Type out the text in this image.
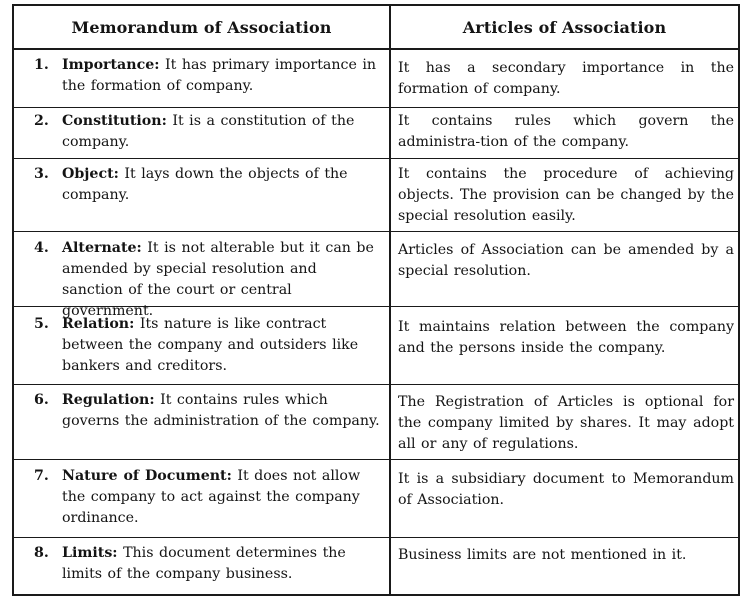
Memorandum of Association	Articles of Association
1. Importance: It has primary importance in the formation of company.
It has a secondary importance in the formation of company.
2. Constitution: It is a constitution of the company.
It contains rules which govern the administra-tion of the company.
3. Object: It lays down the objects of the company.
It contains the procedure of achieving objects. The provision can be changed by the special resolution easily.
4. Alternate: It is not alterable but it can be amended by special resolution and sanction of the court or central government.
Articles of Association can be amended by a special resolution.
5. Relation: Its nature is like contract between the company and outsiders like bankers and creditors.
It maintains relation between the company and the persons inside the company.
6. Regulation: It contains rules which governs the administration of the company.
The Registration of Articles is optional for the company limited by shares. It may adopt all or any of regulations.
7. Nature of Document: It does not allow the company to act against the company ordinance.
It is a subsidiary document to Memorandum of Association.
8. Limits: This document determines the limits of the company business.
Business limits are not mentioned in it.
